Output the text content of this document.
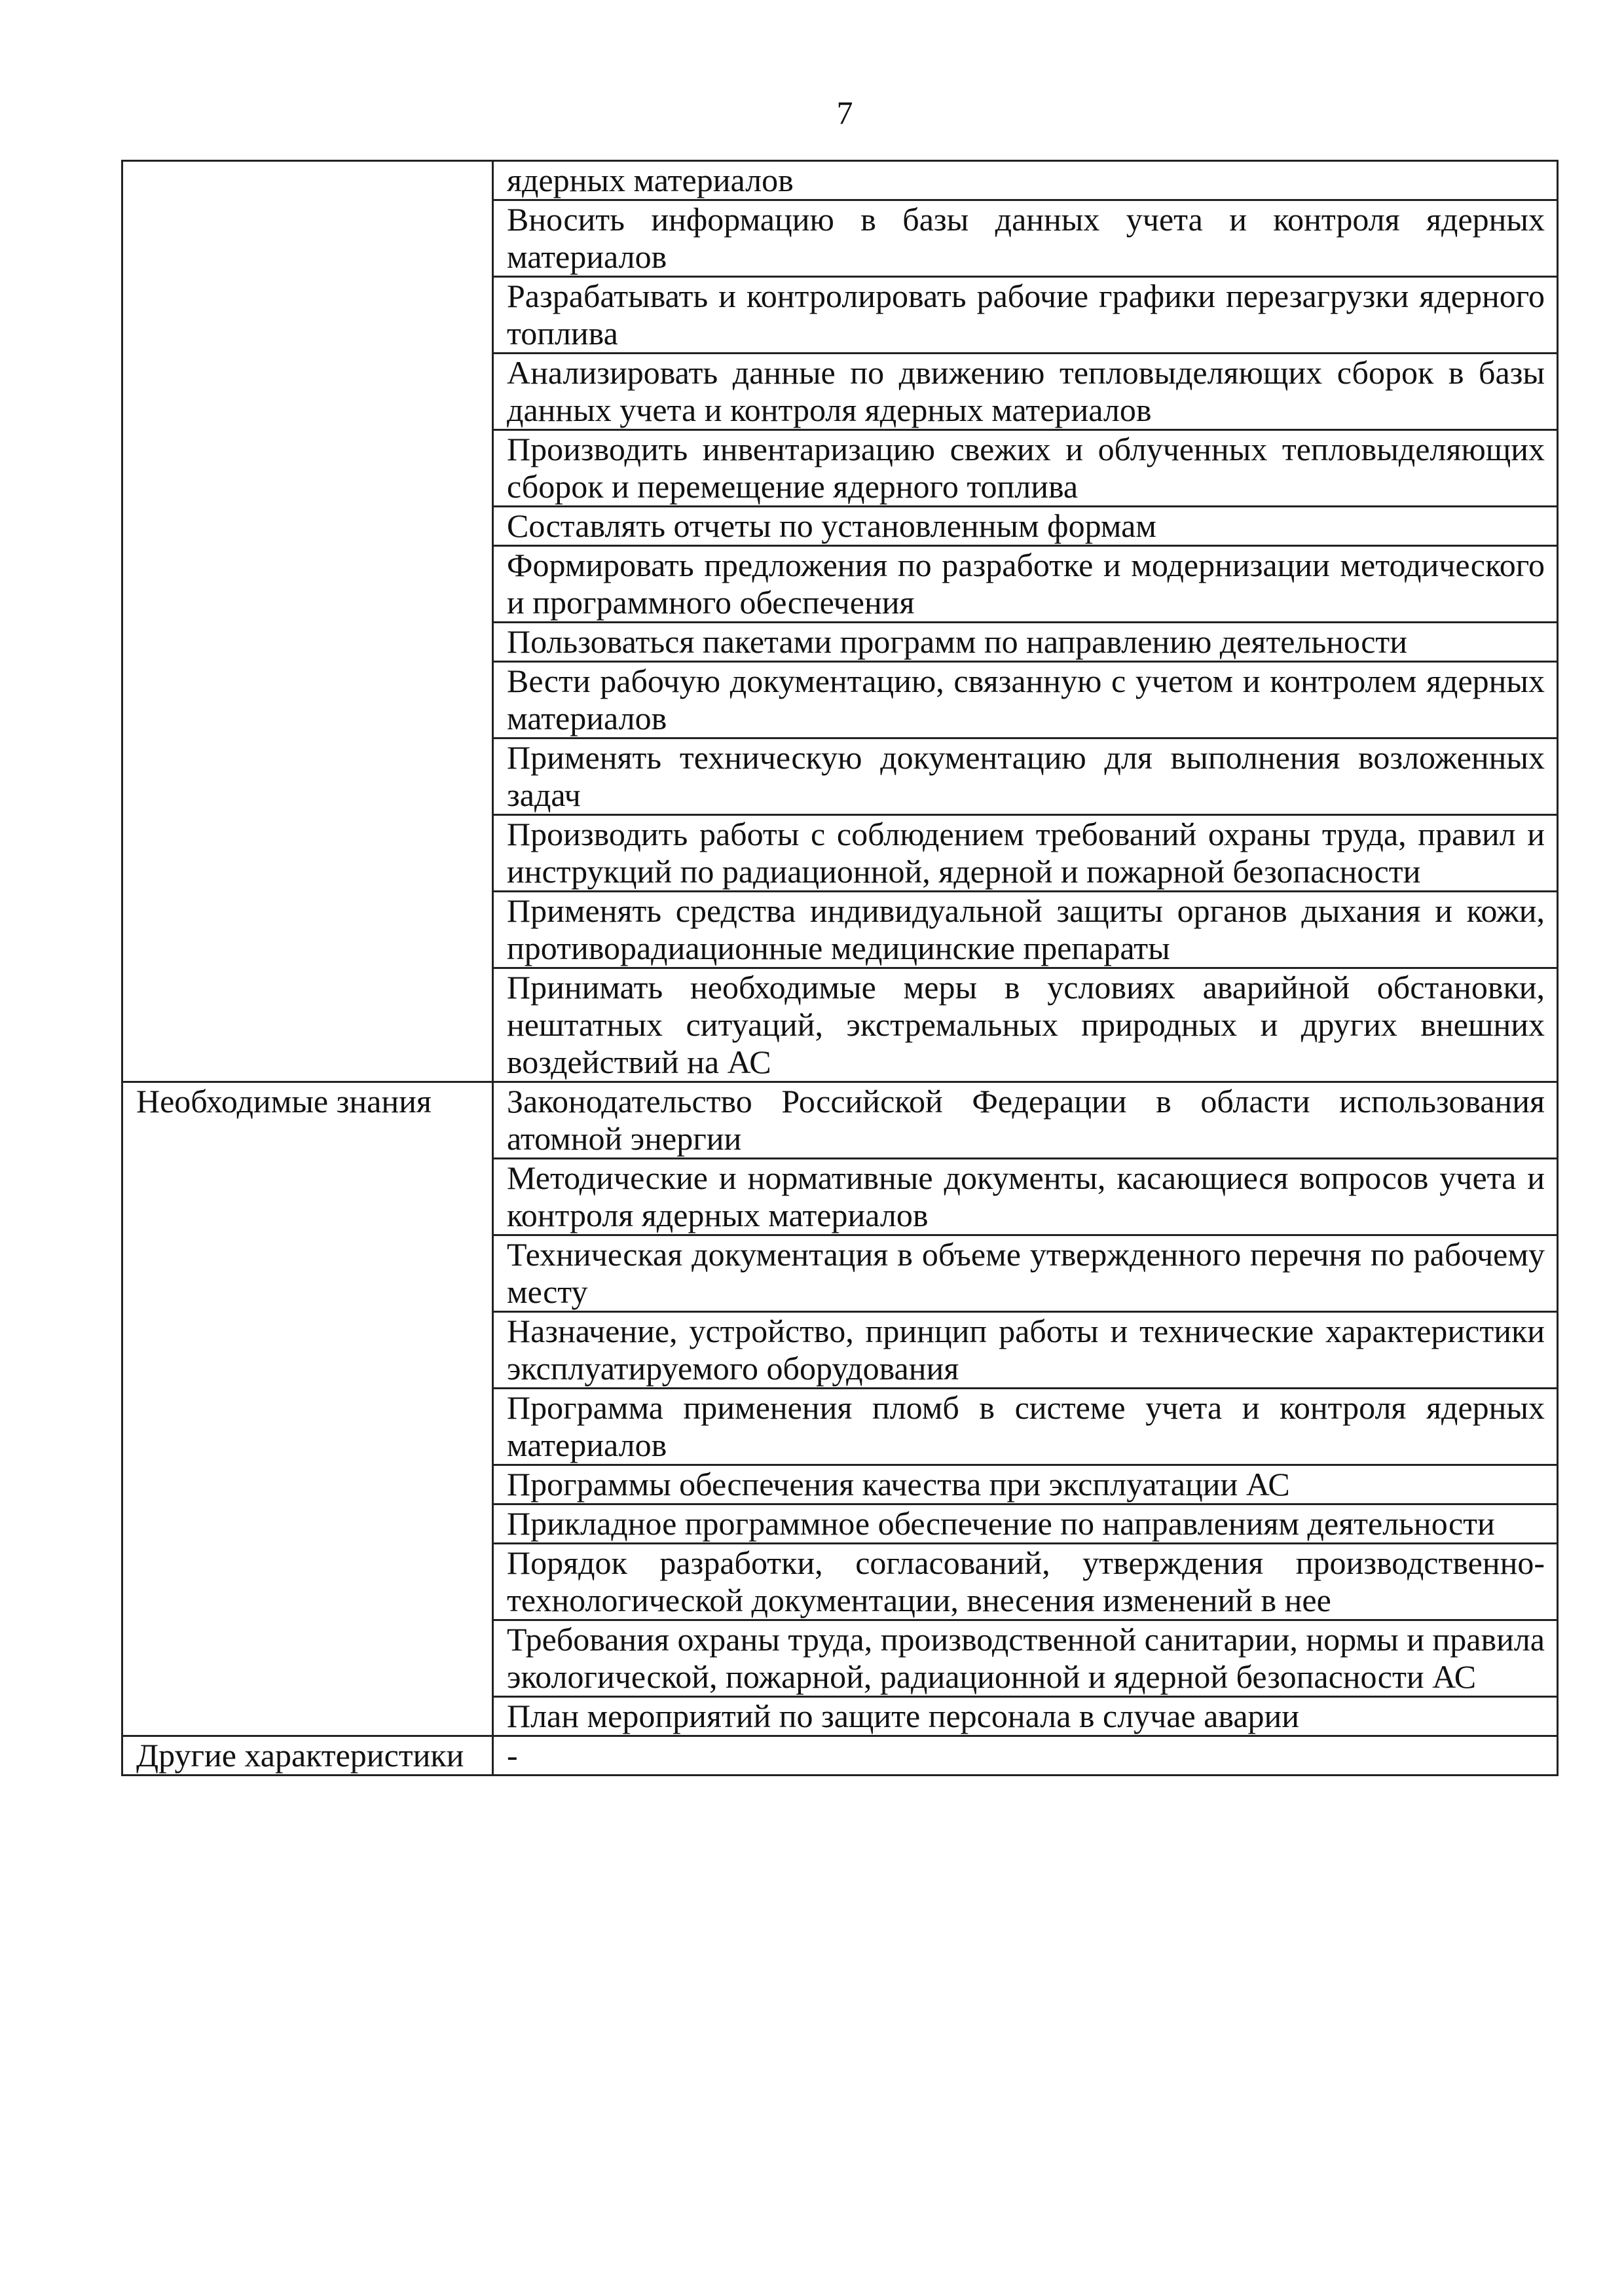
7

	ядерных материалов

	Вносить информацию в базы данных учета и контроля ядерных материалов

	Разрабатывать и контролировать рабочие графики перезагрузки ядерного топлива

	Анализировать данные по движению тепловыделяющих сборок в базы данных учета и контроля ядерных материалов

	Производить инвентаризацию свежих и облученных тепловыделяющих сборок и перемещение ядерного топлива

	Составлять отчеты по установленным формам

	Формировать предложения по разработке и модернизации методического и программного обеспечения

	Пользоваться пакетами программ по направлению деятельности

	Вести рабочую документацию, связанную с учетом и контролем ядерных материалов

	Применять техническую документацию для выполнения возложенных задач

	Производить работы с соблюдением требований охраны труда, правил и инструкций по радиационной, ядерной и пожарной безопасности

	Применять средства индивидуальной защиты органов дыхания и кожи, противорадиационные медицинские препараты

	Принимать необходимые меры в условиях аварийной обстановки, нештатных ситуаций, экстремальных природных и других внешних воздействий на АС

Необходимые знания	Законодательство Российской Федерации в области использования атомной энергии

	Методические и нормативные документы, касающиеся вопросов учета и контроля ядерных материалов

	Техническая документация в объеме утвержденного перечня по рабочему месту

	Назначение, устройство, принцип работы и технические характеристики эксплуатируемого оборудования

	Программа применения пломб в системе учета и контроля ядерных материалов

	Программы обеспечения качества при эксплуатации АС

	Прикладное программное обеспечение по направлениям деятельности

	Порядок разработки, согласований, утверждения производственно-технологической документации, внесения изменений в нее

	Требования охраны труда, производственной санитарии, нормы и правила экологической, пожарной, радиационной и ядерной безопасности АС

	План мероприятий по защите персонала в случае аварии

Другие характеристики	-
